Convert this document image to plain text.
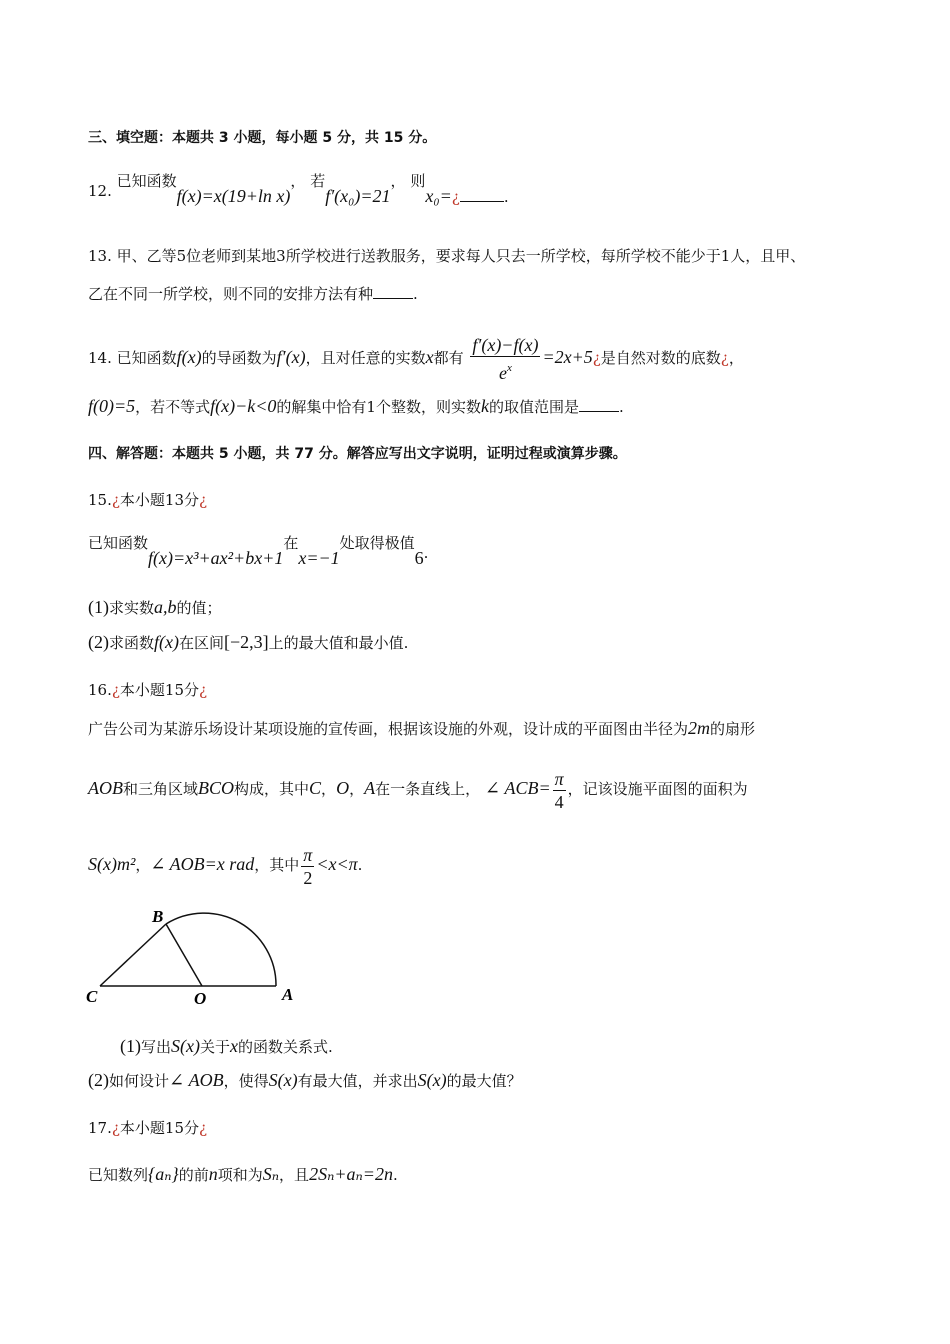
三、填空题：本题共 3 小题，每小题 5 分，共 15 分。
12. 已知函数f(x)=x(19+ln x)， 若f′(x₀)=21， 则x₀=¿	.
13. 甲、乙等5位老师到某地3所学校进行送教服务，要求每人只去一所学校，每所学校不能少于1人，且甲、
乙在不同一所学校，则不同的安排方法有种	.
14. 已知函数f(x)的导函数为f′(x)，且对任意的实数x都有 $\frac{f'(x)-f(x)}{e^x}$ =2x+5¿是自然对数的底数¿，
f(0)=5，若不等式f(x)−k<0的解集中恰有1个整数，则实数k的取值范围是	.
四、解答题：本题共 5 小题，共 77 分。解答应写出文字说明，证明过程或演算步骤。
15.¿本小题13分¿
已知函数f(x)=x³+ax²+bx+1在x=−1处取得极值6.
(1)求实数a,b的值；
(2)求函数f(x)在区间[−2,3]上的最大值和最小值.
16.¿本小题15分¿
广告公司为某游乐场设计某项设施的宣传画，根据该设施的外观，设计成的平面图由半径为2m的扇形
AOB和三角区域BCO构成，其中C，O，A在一条直线上， ∠ $ACB= \frac{\pi}{4}$ ，记该设施平面图的面积为
S(x)m²，∠ AOB=x rad，其中 $\frac{\pi}{2} <x<\pi$.
B
C	O	A
(1)写出S(x)关于x的函数关系式.
(2)如何设计∠ AOB，使得S(x)有最大值，并求出S(x)的最大值？
17.¿本小题15分¿
已知数列{aₙ}的前n项和为Sₙ，且2Sₙ+aₙ=2n.
